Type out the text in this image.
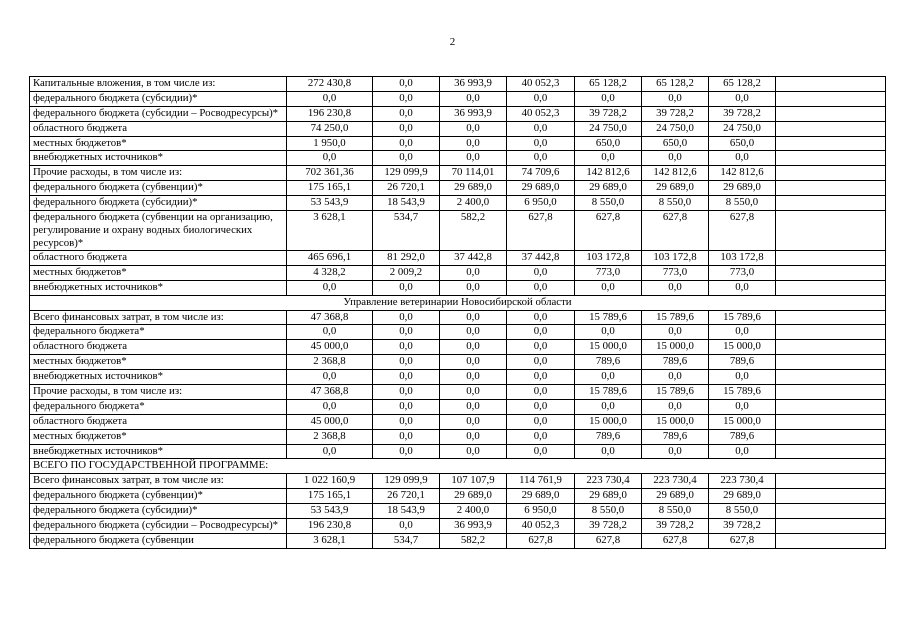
2
Капитальные вложения, в том числе из:	272 430,8	0,0	36 993,9	40 052,3	65 128,2	65 128,2	65 128,2	
федерального бюджета (субсидии)*	0,0	0,0	0,0	0,0	0,0	0,0	0,0	
федерального бюджета (субсидии – Росводресурсы)*	196 230,8	0,0	36 993,9	40 052,3	39 728,2	39 728,2	39 728,2	
областного бюджета	74 250,0	0,0	0,0	0,0	24 750,0	24 750,0	24 750,0	
местных бюджетов*	1 950,0	0,0	0,0	0,0	650,0	650,0	650,0	
внебюджетных источников*	0,0	0,0	0,0	0,0	0,0	0,0	0,0	
Прочие расходы, в том числе из:	702 361,36	129 099,9	70 114,01	74 709,6	142 812,6	142 812,6	142 812,6	
федерального бюджета (субвенции)*	175 165,1	26 720,1	29 689,0	29 689,0	29 689,0	29 689,0	29 689,0	
федерального бюджета (субсидии)*	53 543,9	18 543,9	2 400,0	6 950,0	8 550,0	8 550,0	8 550,0	
федерального бюджета (субвенции на организацию, регулирование и охрану водных биологических ресурсов)*	3 628,1	534,7	582,2	627,8	627,8	627,8	627,8	
областного бюджета	465 696,1	81 292,0	37 442,8	37 442,8	103 172,8	103 172,8	103 172,8	
местных бюджетов*	4 328,2	2 009,2	0,0	0,0	773,0	773,0	773,0	
внебюджетных источников*	0,0	0,0	0,0	0,0	0,0	0,0	0,0	
Управление ветеринарии Новосибирской области								
Всего финансовых затрат, в том числе из:	47 368,8	0,0	0,0	0,0	15 789,6	15 789,6	15 789,6	
федерального бюджета*	0,0	0,0	0,0	0,0	0,0	0,0	0,0	
областного бюджета	45 000,0	0,0	0,0	0,0	15 000,0	15 000,0	15 000,0	
местных бюджетов*	2 368,8	0,0	0,0	0,0	789,6	789,6	789,6	
внебюджетных источников*	0,0	0,0	0,0	0,0	0,0	0,0	0,0	
Прочие расходы, в том числе из:	47 368,8	0,0	0,0	0,0	15 789,6	15 789,6	15 789,6	
федерального бюджета*	0,0	0,0	0,0	0,0	0,0	0,0	0,0	
областного бюджета	45 000,0	0,0	0,0	0,0	15 000,0	15 000,0	15 000,0	
местных бюджетов*	2 368,8	0,0	0,0	0,0	789,6	789,6	789,6	
внебюджетных источников*	0,0	0,0	0,0	0,0	0,0	0,0	0,0	
ВСЕГО ПО ГОСУДАРСТВЕННОЙ ПРОГРАММЕ:								
Всего финансовых затрат, в том числе из:	1 022 160,9	129 099,9	107 107,9	114 761,9	223 730,4	223 730,4	223 730,4	
федерального бюджета (субвенции)*	175 165,1	26 720,1	29 689,0	29 689,0	29 689,0	29 689,0	29 689,0	
федерального бюджета (субсидии)*	53 543,9	18 543,9	2 400,0	6 950,0	8 550,0	8 550,0	8 550,0	
федерального бюджета (субсидии – Росводресурсы)*	196 230,8	0,0	36 993,9	40 052,3	39 728,2	39 728,2	39 728,2	
федерального бюджета (субвенции	3 628,1	534,7	582,2	627,8	627,8	627,8	627,8	
